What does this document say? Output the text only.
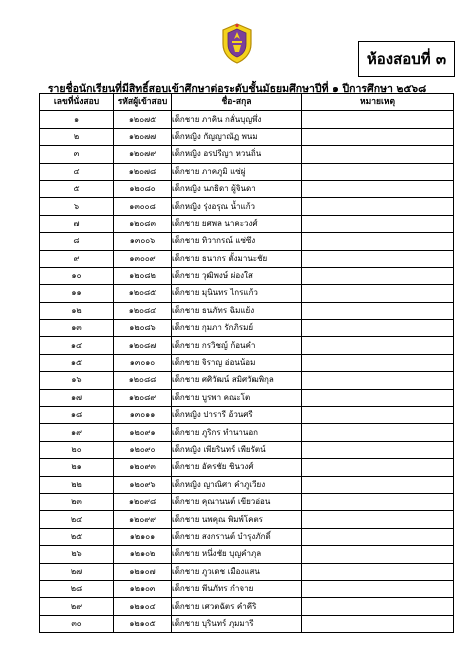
ห้องสอบที่ ๓
รายชื่อนักเรียนที่มีสิทธิ์สอบเข้าศึกษาต่อระดับชั้นมัธยมศึกษาปีที่ ๑ ปีการศึกษา ๒๕๖๘
เลขที่นั่งสอบ	รหัสผู้เข้าสอบ	ชื่อ-สกุล	หมายเหตุ
๑	๑๒๐๗๕	เด็กชาย ภาคิน กลั่นบุญพึ่ง	
๒	๑๒๐๗๗	เด็กหญิง กัญญาณัฏ พนม	
๓	๑๒๐๗๙	เด็กหญิง อรปรีญา หวนถิ่น	
๔	๑๒๐๗๘	เด็กชาย ภาคภูมิ แซ่ผู่	
๕	๑๒๐๘๐	เด็กหญิง นภธิดา ผู้จินดา	
๖	๑๓๐๐๘	เด็กหญิง รุ่งอรุณ น้ำแก้ว	
๗	๑๒๐๘๓	เด็กชาย ยศพล นาคะวงศ์	
๘	๑๓๐๐๖	เด็กชาย ทิวากรณ์ แซ่ซึง	
๙	๑๓๐๐๙	เด็กชาย ธนากร ตั้งมานะชัย	
๑๐	๑๒๐๘๒	เด็กชาย วุฒิพงษ์ ผ่องใส	
๑๑	๑๒๐๘๕	เด็กชาย มุนินทร ไกรแก้ว	
๑๒	๑๒๐๘๔	เด็กชาย ธนภัทร ฉิมแย้ง	
๑๓	๑๒๐๘๖	เด็กชาย กุมภา รักภิรมย์	
๑๔	๑๒๐๘๗	เด็กชาย กรวิชญ์ ก้อนคำ	
๑๕	๑๓๐๑๐	เด็กชาย จิราญ อ่อนน้อม	
๑๖	๑๒๐๘๘	เด็กชาย ศศิวัฒน์ สมิศวัฒพิกุล	
๑๗	๑๒๐๘๙	เด็กชาย บูรพา คณะโต	
๑๘	๑๓๐๑๑	เด็กหญิง ปารารี อ้วนศรี	
๑๙	๑๒๐๙๑	เด็กชาย ภูริกร ทำนานอก	
๒๐	๑๒๐๙๐	เด็กหญิง เพียรินทร์ เพียรัตน์	
๒๑	๑๒๐๙๓	เด็กชาย อัครชัย ชินวงศ์	
๒๒	๑๒๐๙๖	เด็กหญิง ญาณิศา คำภูเวียง	
๒๓	๑๒๐๙๘	เด็กชาย คุณานนต์ เขียวอ่อน	
๒๔	๑๒๐๙๙	เด็กชาย นพคุณ พิมพ์โคตร	
๒๕	๑๒๑๐๑	เด็กชาย สงกรานต์ บำรุงภักดิ์	
๒๖	๑๒๑๐๒	เด็กชาย หนึ่งชัย บุญคำภุล	
๒๗	๑๒๑๐๗	เด็กชาย ภูวเดช เมืองแสน	
๒๘	๑๒๑๐๓	เด็กชาย พีนภัทร กำจาย	
๒๙	๑๒๑๐๔	เด็กชาย เศวตฉัตร คำคีริ	
๓๐	๑๒๑๐๕	เด็กชาย บุรินทร์ ภุมมารี	
